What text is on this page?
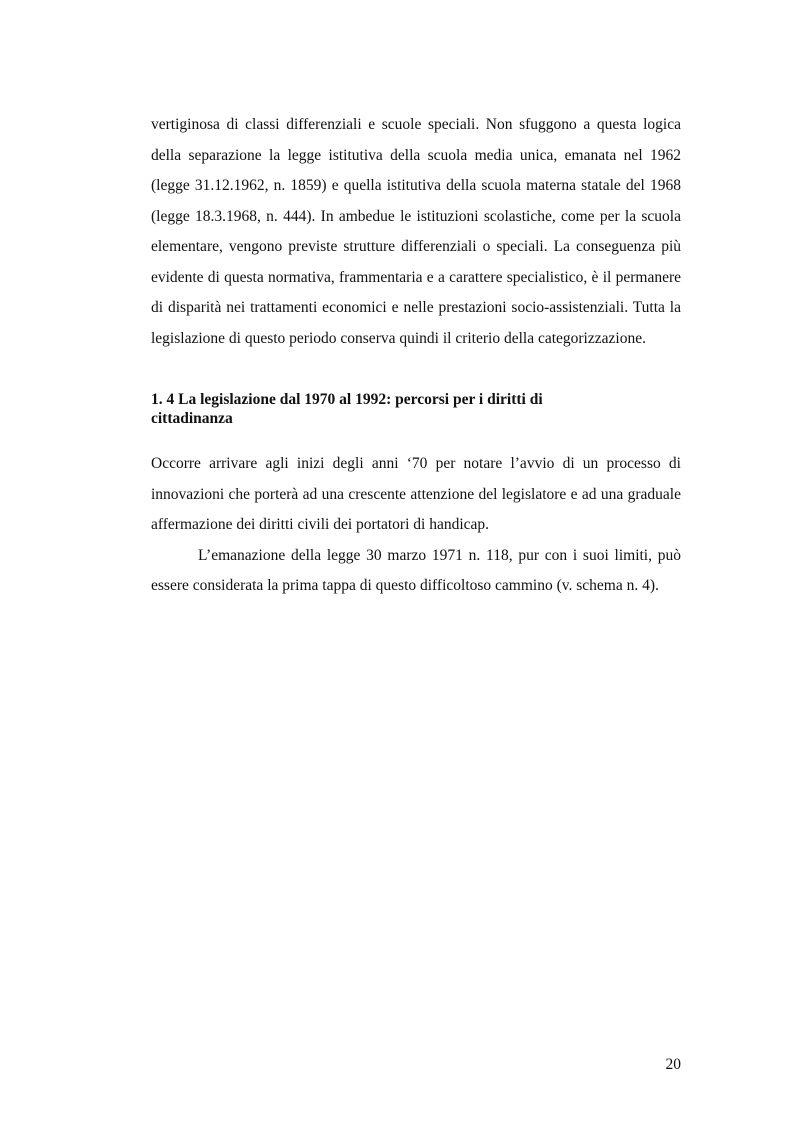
vertiginosa di classi differenziali e scuole speciali. Non sfuggono a questa logica della separazione la legge istitutiva della scuola media unica, emanata nel 1962 (legge 31.12.1962, n. 1859) e quella istitutiva della scuola materna statale del 1968 (legge 18.3.1968, n. 444). In ambedue le istituzioni scolastiche, come per la scuola elementare, vengono previste strutture differenziali o speciali. La conseguenza più evidente di questa normativa, frammentaria e a carattere specialistico, è il permanere di disparità nei trattamenti economici e nelle prestazioni socio-assistenziali. Tutta la legislazione di questo periodo conserva quindi il criterio della categorizzazione.

1. 4 La legislazione dal 1970 al 1992: percorsi per i diritti di cittadinanza

Occorre arrivare agli inizi degli anni ‘70 per notare l’avvio di un processo di innovazioni che porterà ad una crescente attenzione del legislatore e ad una graduale affermazione dei diritti civili dei portatori di handicap.

L’emanazione della legge 30 marzo 1971 n. 118, pur con i suoi limiti, può essere considerata la prima tappa di questo difficoltoso cammino (v. schema n. 4).

20
